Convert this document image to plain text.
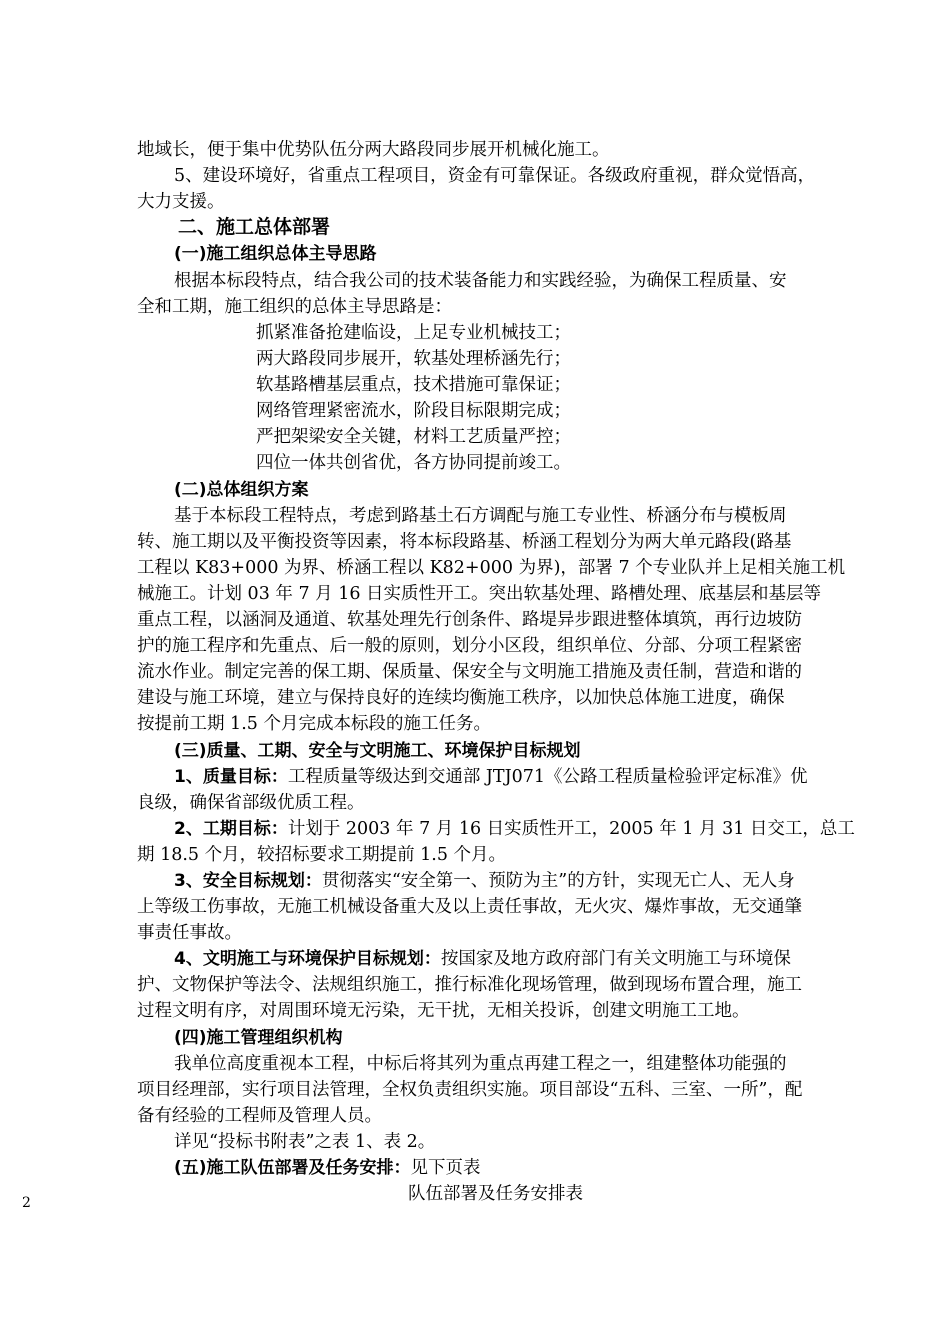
地域长，便于集中优势队伍分两大路段同步展开机械化施工。
5、建设环境好，省重点工程项目，资金有可靠保证。各级政府重视，群众觉悟高，
大力支援。
二、施工总体部署
(一)施工组织总体主导思路
根据本标段特点，结合我公司的技术装备能力和实践经验，为确保工程质量、安
全和工期，施工组织的总体主导思路是：
抓紧准备抢建临设，上足专业机械技工；
两大路段同步展开，软基处理桥涵先行；
软基路槽基层重点，技术措施可靠保证；
网络管理紧密流水，阶段目标限期完成；
严把架梁安全关键，材料工艺质量严控；
四位一体共创省优，各方协同提前竣工。
(二)总体组织方案
基于本标段工程特点，考虑到路基土石方调配与施工专业性、桥涵分布与模板周
转、施工期以及平衡投资等因素，将本标段路基、桥涵工程划分为两大单元路段(路基
工程以 K83+000 为界、桥涵工程以 K82+000 为界)，部署 7 个专业队并上足相关施工机
械施工。计划 03 年 7 月 16 日实质性开工。突出软基处理、路槽处理、底基层和基层等
重点工程，以涵洞及通道、软基处理先行创条件、路堤异步跟进整体填筑，再行边坡防
护的施工程序和先重点、后一般的原则，划分小区段，组织单位、分部、分项工程紧密
流水作业。制定完善的保工期、保质量、保安全与文明施工措施及责任制，营造和谐的
建设与施工环境，建立与保持良好的连续均衡施工秩序，以加快总体施工进度，确保
按提前工期 1.5 个月完成本标段的施工任务。
(三)质量、工期、安全与文明施工、环境保护目标规划
1、质量目标：工程质量等级达到交通部 JTJ071《公路工程质量检验评定标准》优
良级，确保省部级优质工程。
2、工期目标：计划于 2003 年 7 月 16 日实质性开工，2005 年 1 月 31 日交工，总工
期 18.5 个月，较招标要求工期提前 1.5 个月。
3、安全目标规划：贯彻落实“安全第一、预防为主”的方针，实现无亡人、无人身
上等级工伤事故，无施工机械设备重大及以上责任事故，无火灾、爆炸事故，无交通肇
事责任事故。
4、文明施工与环境保护目标规划：按国家及地方政府部门有关文明施工与环境保
护、文物保护等法令、法规组织施工，推行标准化现场管理，做到现场布置合理，施工
过程文明有序，对周围环境无污染，无干扰，无相关投诉，创建文明施工工地。
(四)施工管理组织机构
我单位高度重视本工程，中标后将其列为重点再建工程之一，组建整体功能强的
项目经理部，实行项目法管理，全权负责组织实施。项目部设“五科、三室、一所”，配
备有经验的工程师及管理人员。
详见“投标书附表”之表 1、表 2。
(五)施工队伍部署及任务安排：见下页表
队伍部署及任务安排表
2
